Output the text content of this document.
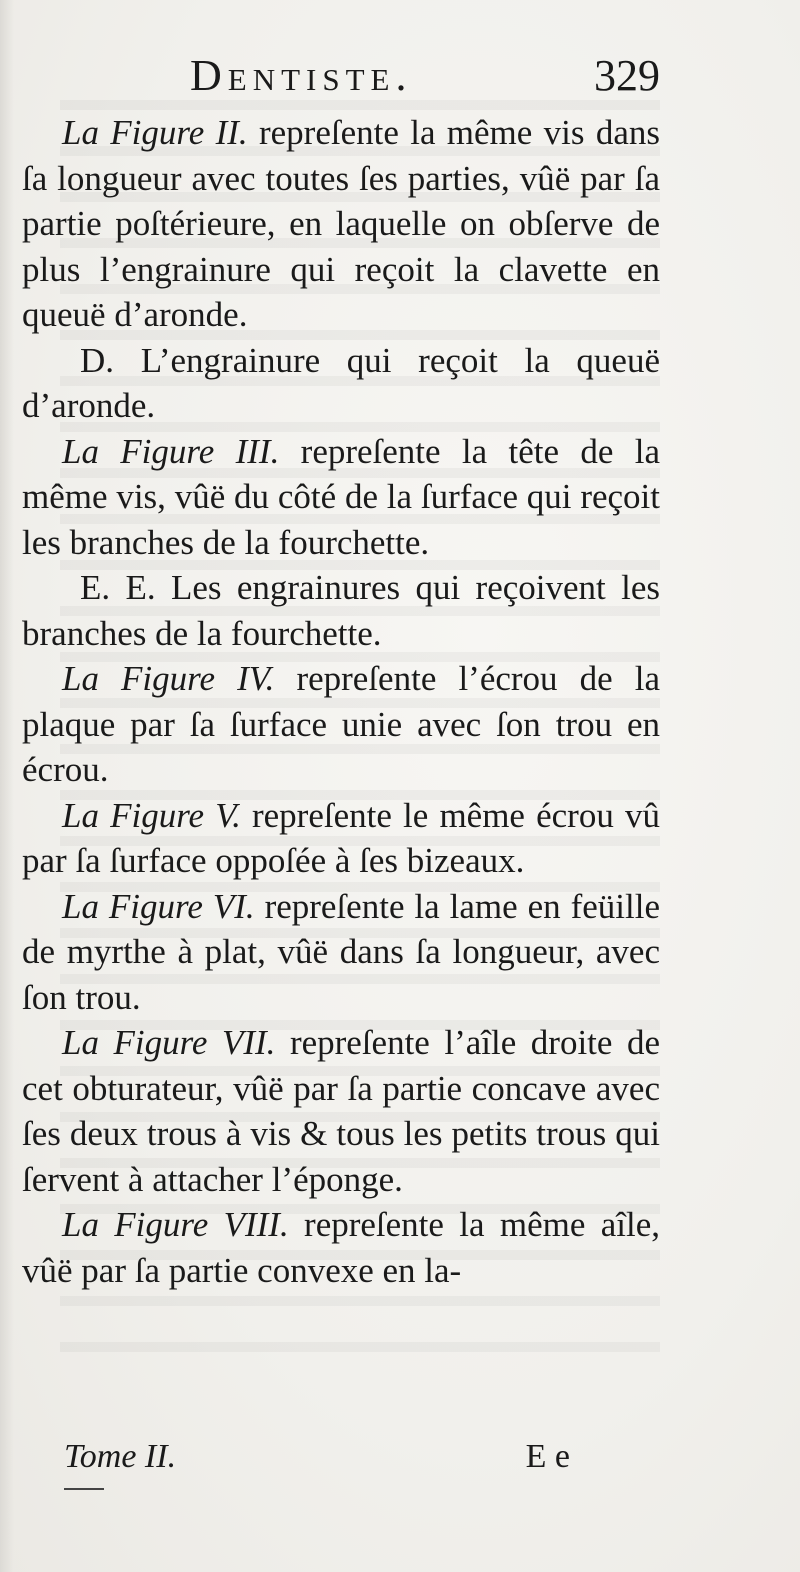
Dentiste.	329

La Figure II. repreſente la même vis dans ſa longueur avec toutes ſes parties, vûë par ſa partie poſtérieure, en laquelle on obſerve de plus l’engrainure qui reçoit la clavette en queuë d’aronde.

D. L’engrainure qui reçoit la queuë d’aronde.

La Figure III. repreſente la tête de la même vis, vûë du côté de la ſurface qui reçoit les branches de la fourchette.

E. E. Les engrainures qui reçoivent les branches de la fourchette.

La Figure IV. repreſente l’écrou de la plaque par ſa ſurface unie avec ſon trou en écrou.

La Figure V. repreſente le même écrou vû par ſa ſurface oppoſée à ſes bizeaux.

La Figure VI. repreſente la lame en feüille de myrthe à plat, vûë dans ſa longueur, avec ſon trou.

La Figure VII. repreſente l’aîle droite de cet obturateur, vûë par ſa partie concave avec ſes deux trous à vis & tous les petits trous qui ſervent à attacher l’éponge.

La Figure VIII. repreſente la même aîle, vûë par ſa partie convexe en la-

Tome II.	E e
